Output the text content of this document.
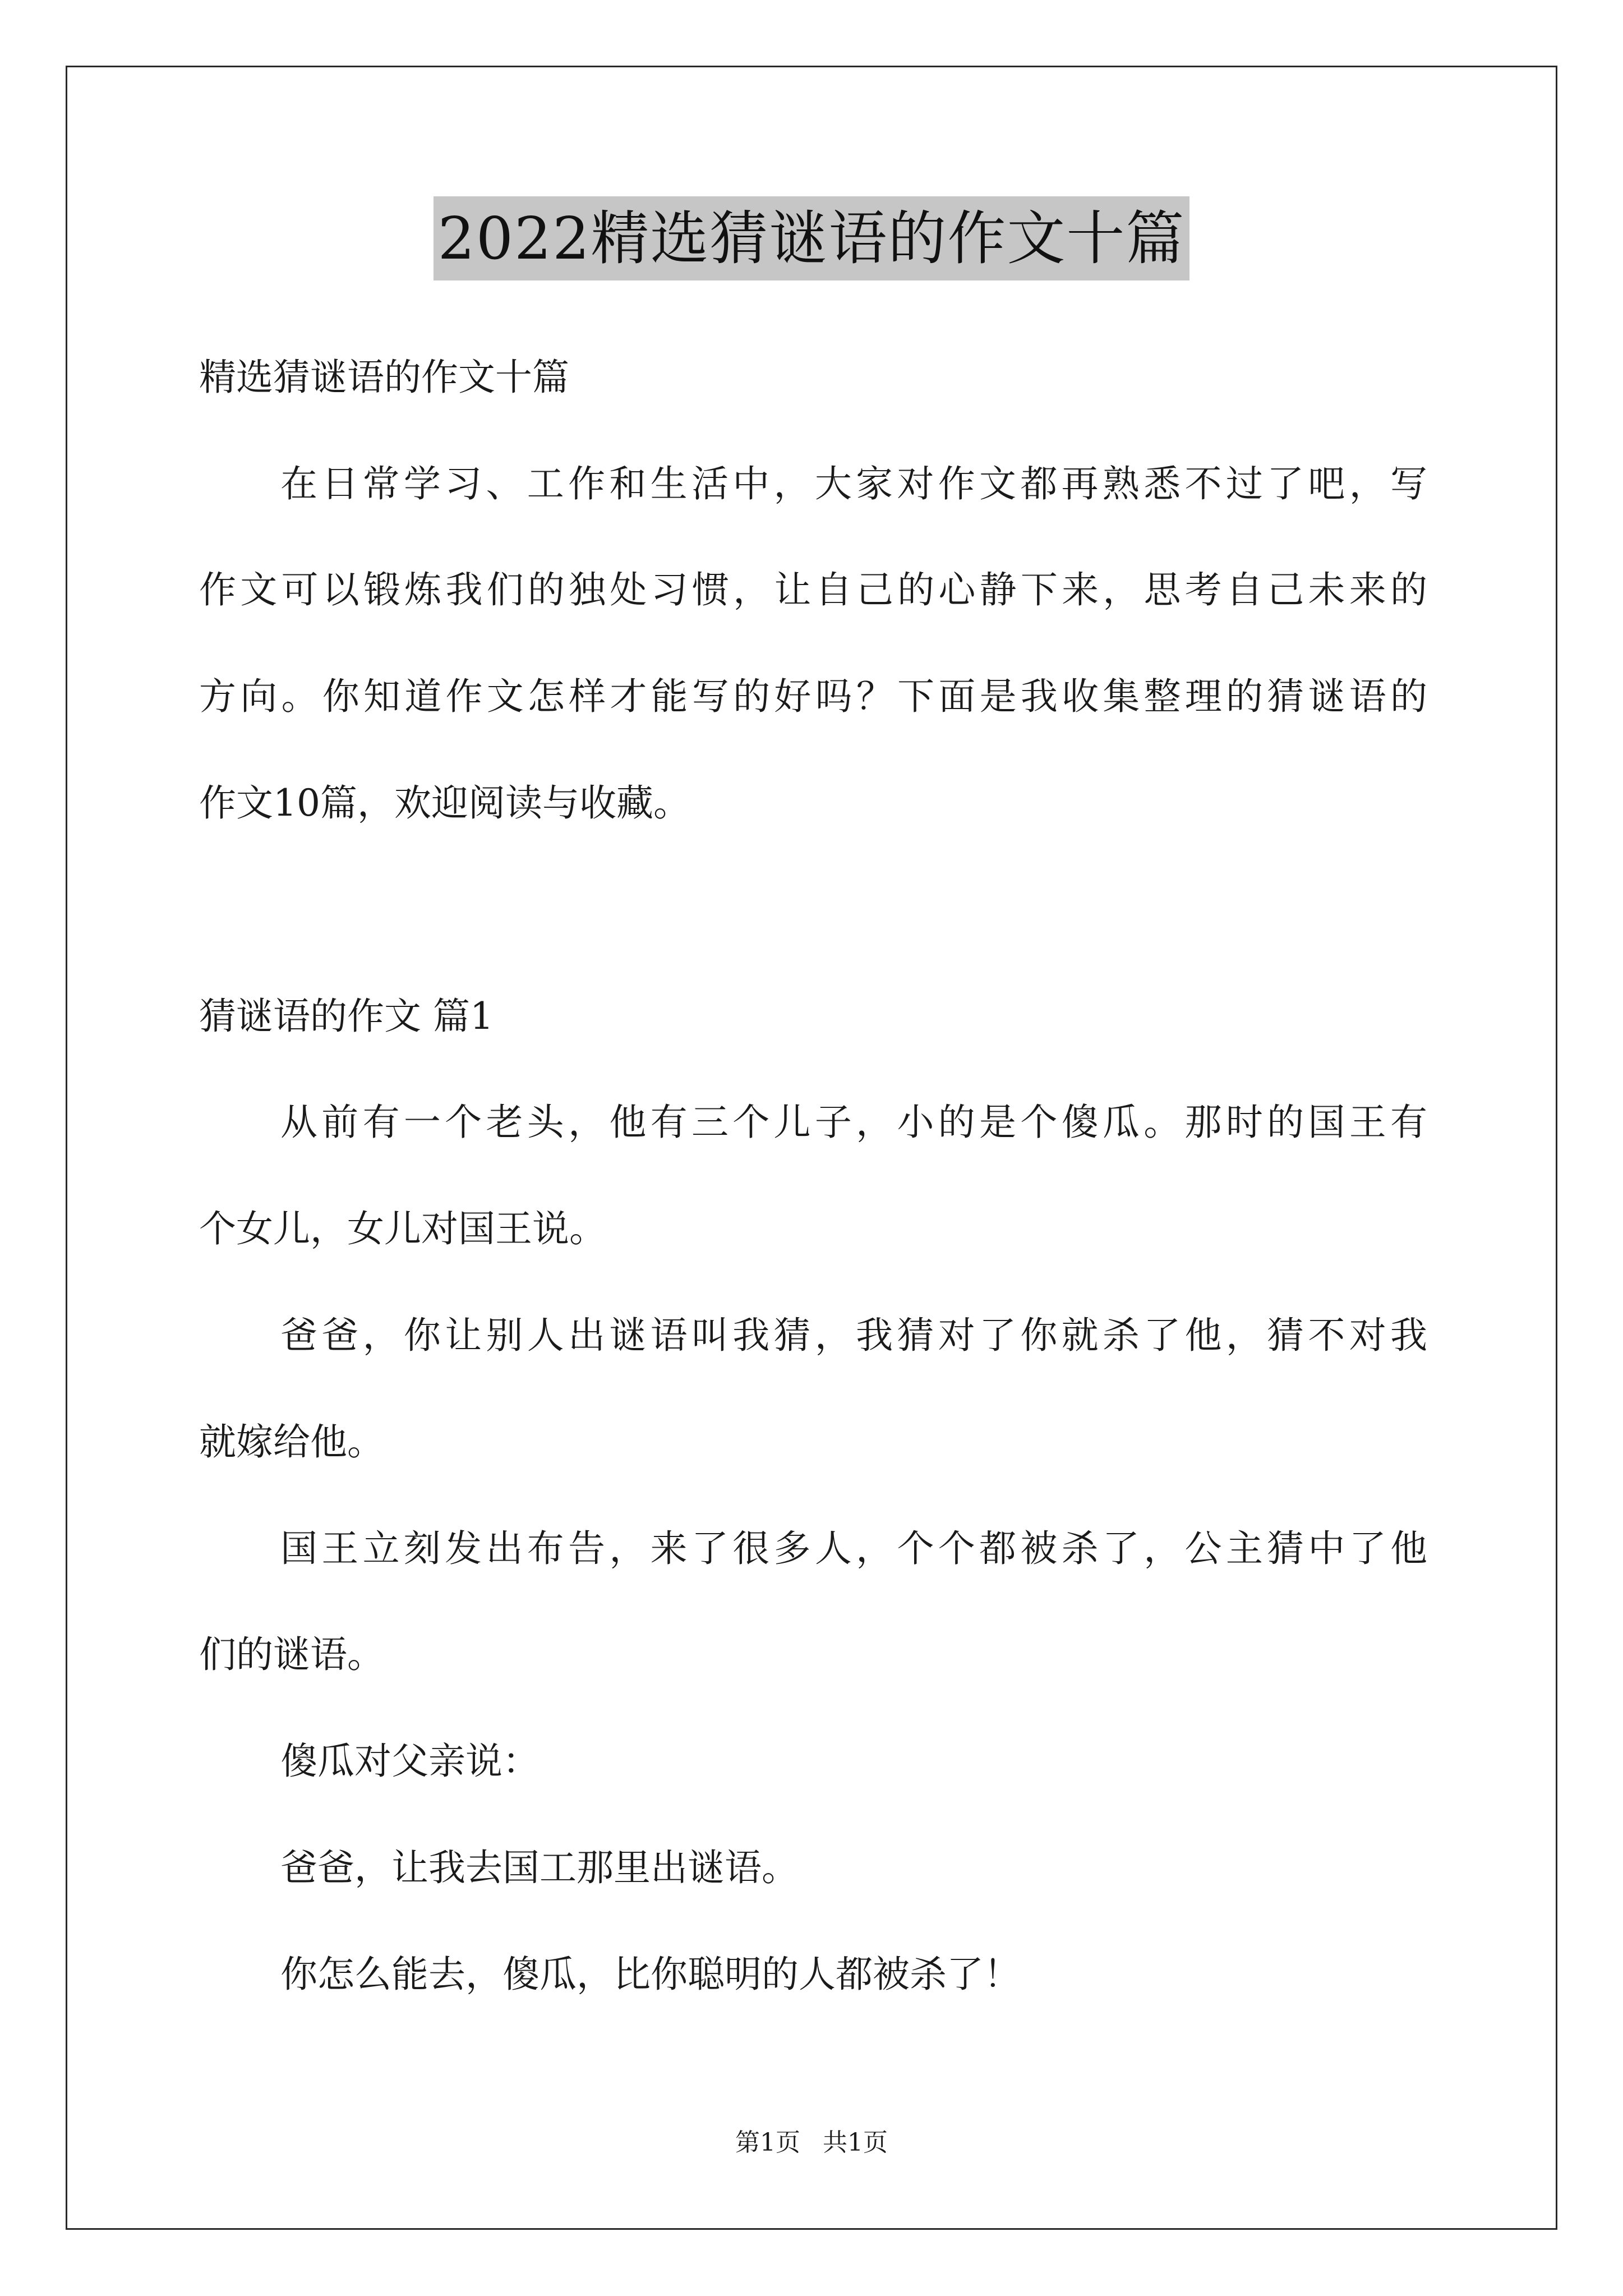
2022精选猜谜语的作文十篇
精选猜谜语的作文十篇
在日常学习、工作和生活中，大家对作文都再熟悉不过了吧，写
作文可以锻炼我们的独处习惯，让自己的心静下来，思考自己未来的
方向。你知道作文怎样才能写的好吗？下面是我收集整理的猜谜语的
作文10篇，欢迎阅读与收藏。
猜谜语的作文 篇1
从前有一个老头，他有三个儿子，小的是个傻瓜。那时的国王有
个女儿，女儿对国王说。
爸爸，你让别人出谜语叫我猜，我猜对了你就杀了他，猜不对我
就嫁给他。
国王立刻发出布告，来了很多人，个个都被杀了，公主猜中了他
们的谜语。
傻瓜对父亲说：
爸爸，让我去国工那里出谜语。
你怎么能去，傻瓜，比你聪明的人都被杀了！
第1页 共1页
